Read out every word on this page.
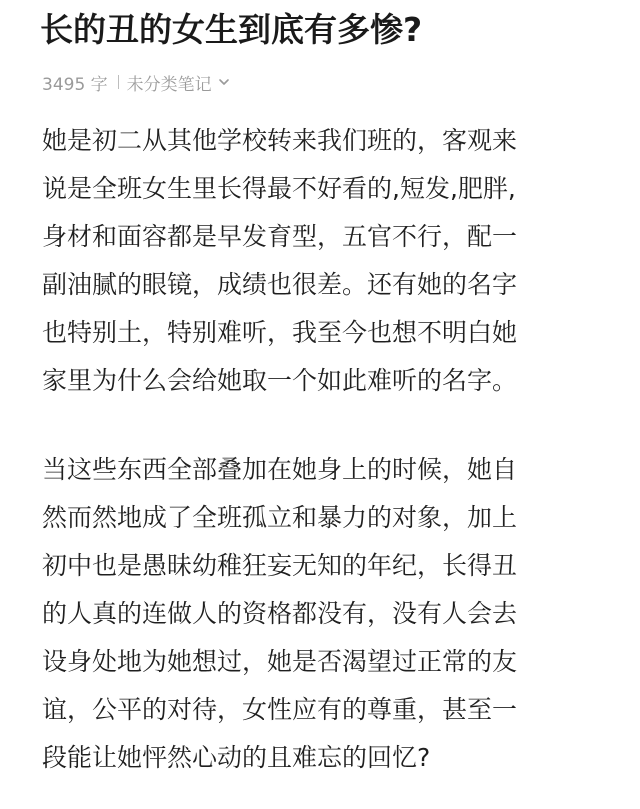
长的丑的女生到底有多惨?
3495 字 未分类笔记
她是初二从其他学校转来我们班的，客观来
说是全班女生里长得最不好看的,短发,肥胖,
身材和面容都是早发育型，五官不行，配一
副油腻的眼镜，成绩也很差。还有她的名字
也特别土，特别难听，我至今也想不明白她
家里为什么会给她取一个如此难听的名字。
当这些东西全部叠加在她身上的时候，她自
然而然地成了全班孤立和暴力的对象，加上
初中也是愚昧幼稚狂妄无知的年纪，长得丑
的人真的连做人的资格都没有，没有人会去
设身处地为她想过，她是否渴望过正常的友
谊，公平的对待，女性应有的尊重，甚至一
段能让她怦然心动的且难忘的回忆?
